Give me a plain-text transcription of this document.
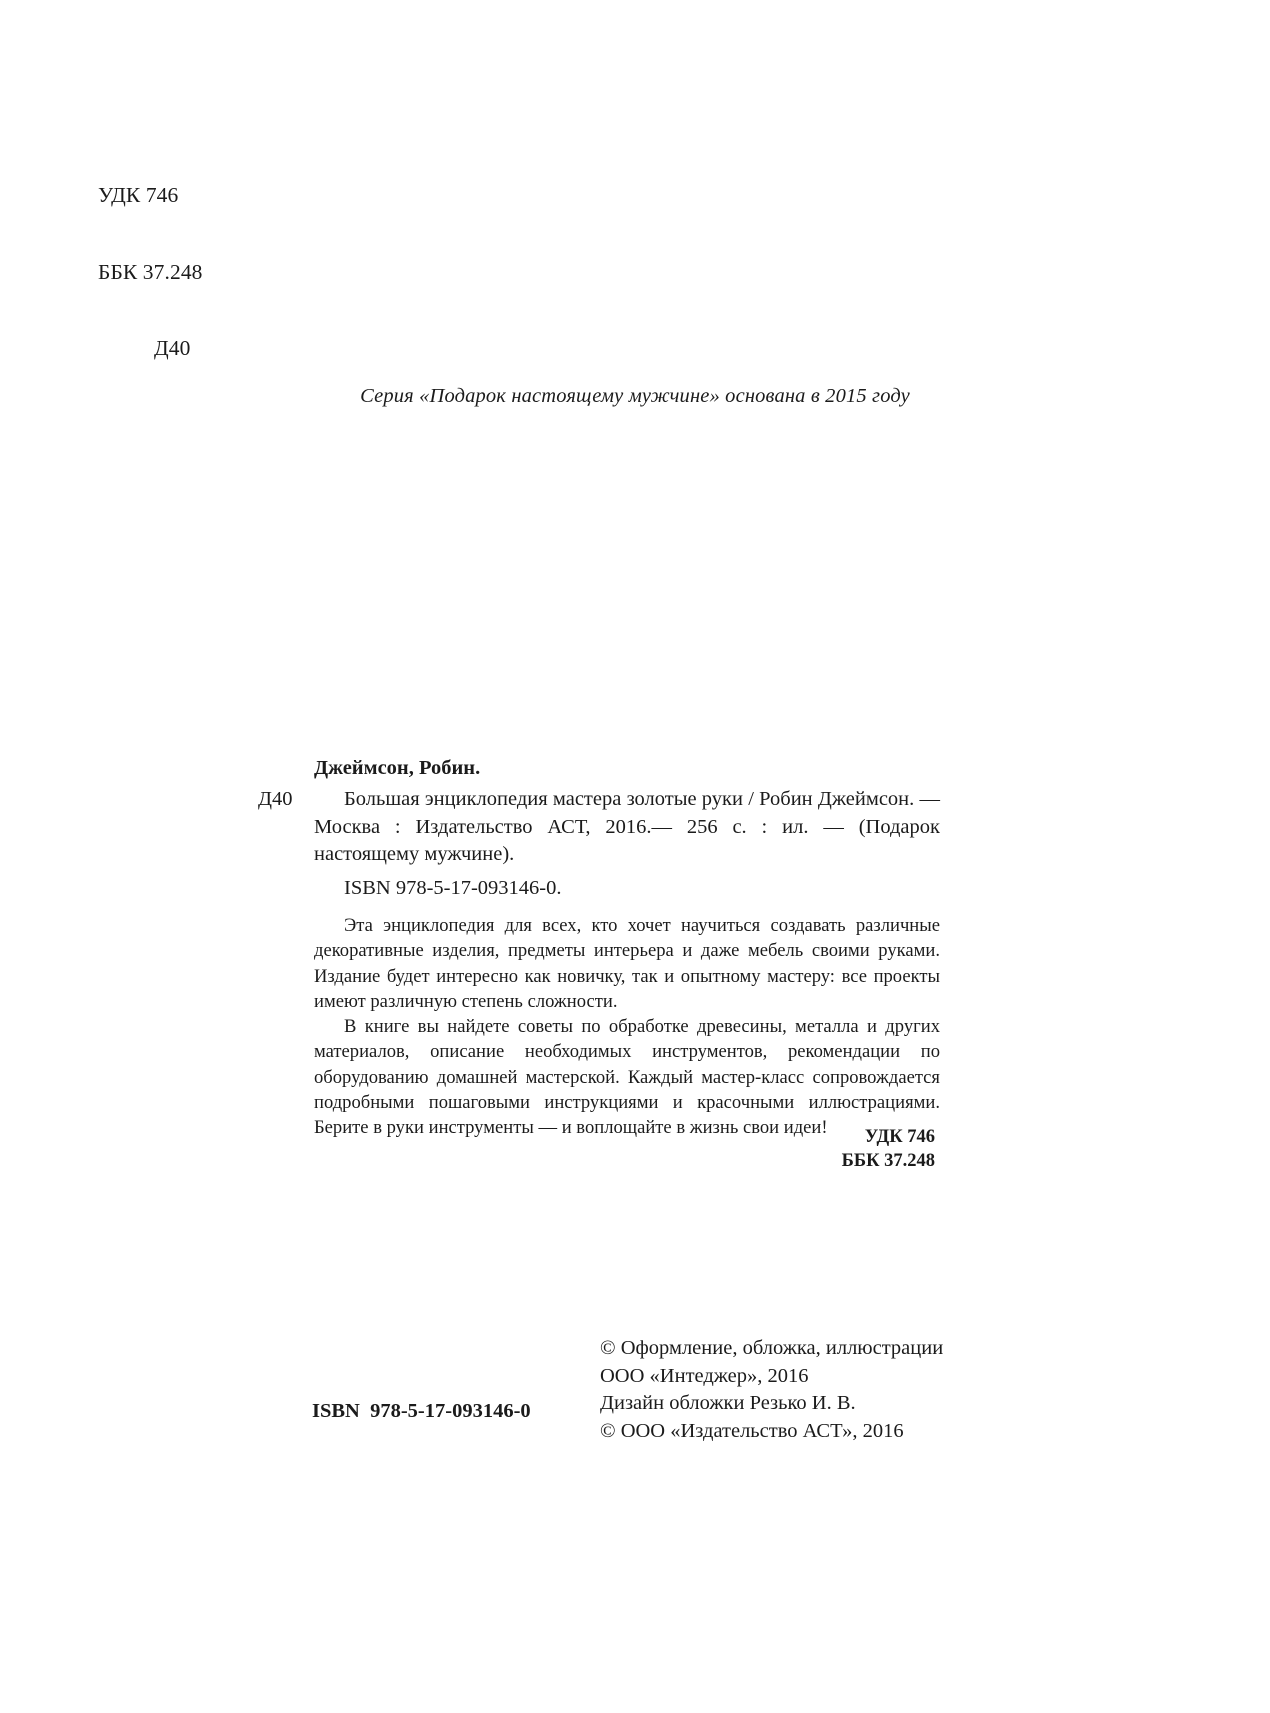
УДК 746

ББК 37.248

Д40

Серия «Подарок настоящему мужчине» основана в 2015 году
Джеймсон, Робин.
Д40	Большая энциклопедия мастера золотые руки / Робин Джеймсон. — Москва : Издательство АСТ, 2016.— 256 с. : ил. — (Подарок настоящему мужчине).
ISBN 978-5-17-093146-0.
Эта энциклопедия для всех, кто хочет научиться создавать различные декоративные изделия, предметы интерьера и даже мебель своими руками. Издание будет интересно как новичку, так и опытному мастеру: все проекты имеют различную степень сложности.
В книге вы найдете советы по обработке древесины, металла и других материалов, описание необходимых инструментов, рекомендации по оборудованию домашней мастерской. Каждый мастер-класс сопровождается подробными пошаговыми инструкциями и красочными иллюстрациями. Берите в руки инструменты — и воплощайте в жизнь свои идеи!	УДК 746
ББК 37.248
© Оформление, обложка, иллюстрации
ООО «Интеджер», 2016
Дизайн обложки Резько И. В.
© ООО «Издательство АСТ», 2016
ISBN  978-5-17-093146-0
